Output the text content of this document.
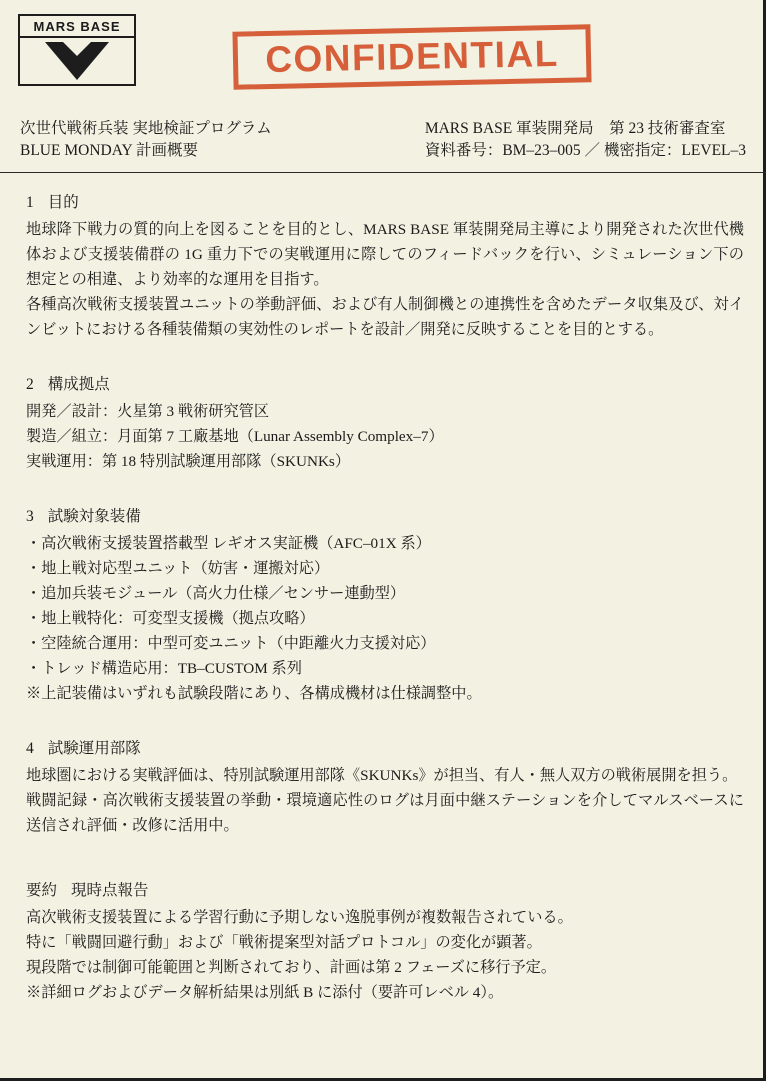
MARS BASE
CONFIDENTIAL
次世代戦術兵装 実地検証プログラム
BLUE MONDAY 計画概要
MARS BASE 軍装開発局　第 23 技術審査室
資料番号：BM–23–005 ／ 機密指定：LEVEL–3
1 目的

地球降下戦力の質的向上を図ることを目的とし、MARS BASE 軍装開発局主導により開発された次世代機体および支援装備群の 1G 重力下での実戦運用に際してのフィードバックを行い、シミュレーション下の想定との相違、より効率的な運用を目指す。

各種高次戦術支援装置ユニットの挙動評価、および有人制御機との連携性を含めたデータ収集及び、対インビットにおける各種装備類の実効性のレポートを設計／開発に反映することを目的とする。

2 構成拠点
開発／設計：火星第 3 戦術研究管区
製造／組立：月面第 7 工廠基地（Lunar Assembly Complex–7）
実戦運用：第 18 特別試験運用部隊（SKUNKs）
3 試験対象装備
・高次戦術支援装置搭載型 レギオス実証機（AFC–01X 系）
・地上戦対応型ユニット（妨害・運搬対応）
・追加兵装モジュール（高火力仕様／センサー連動型）
・地上戦特化：可変型支援機（拠点攻略）
・空陸統合運用：中型可変ユニット（中距離火力支援対応）
・トレッド構造応用：TB–CUSTOM 系列

※上記装備はいずれも試験段階にあり、各構成機材は仕様調整中。

4 試験運用部隊

地球圏における実戦評価は、特別試験運用部隊《SKUNKs》が担当、有人・無人双方の戦術展開を担う。

戦闘記録・高次戦術支援装置の挙動・環境適応性のログは月面中継ステーションを介してマルスベースに送信され評価・改修に活用中。

要約 現時点報告
高次戦術支援装置による学習行動に予期しない逸脱事例が複数報告されている。
特に「戦闘回避行動」および「戦術提案型対話プロトコル」の変化が顕著。
現段階では制御可能範囲と判断されており、計画は第 2 フェーズに移行予定。
※詳細ログおよびデータ解析結果は別紙 B に添付（要許可レベル 4）。
